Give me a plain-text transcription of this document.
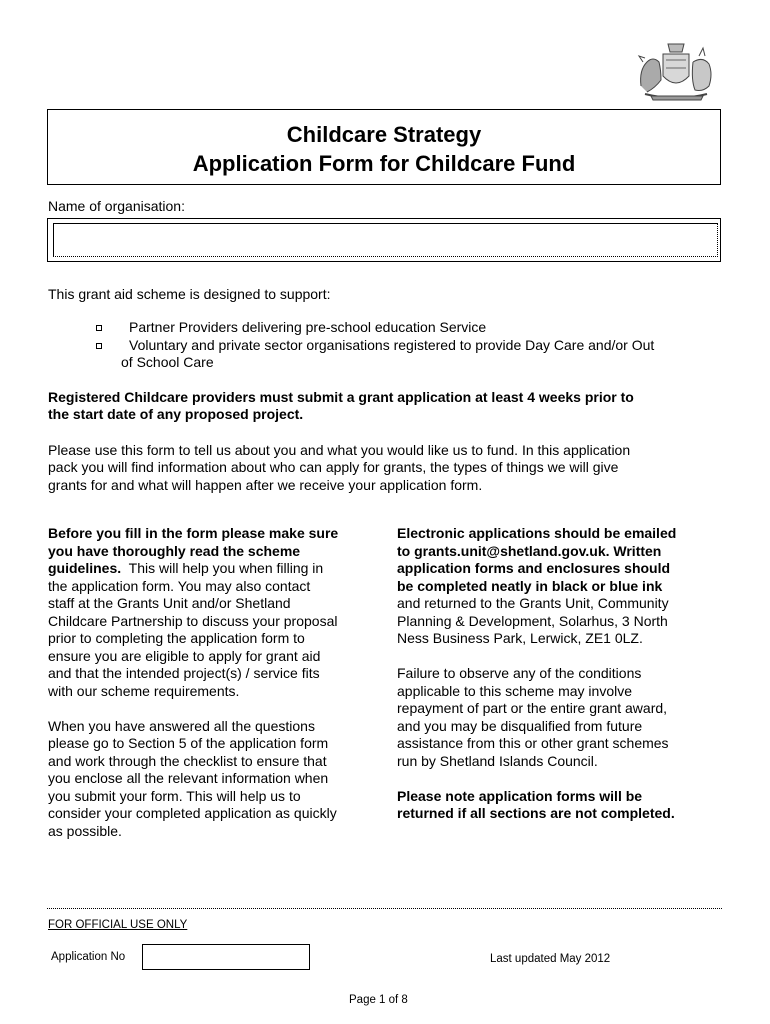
Childcare Strategy
Application Form for Childcare Fund
Name of organisation:
This grant aid scheme is designed to support:
Partner Providers delivering pre-school education Service
Voluntary and private sector organisations registered to provide Day Care and/or Out
of School Care
Registered Childcare providers must submit a grant application at least 4 weeks prior to
the start date of any proposed project.
Please use this form to tell us about you and what you would like us to fund. In this application
pack you will find information about who can apply for grants, the types of things we will give
grants for and what will happen after we receive your application form.
Before you fill in the form please make sure
you have thoroughly read the scheme
guidelines.  This will help you when filling in
the application form. You may also contact
staff at the Grants Unit and/or Shetland
Childcare Partnership to discuss your proposal
prior to completing the application form to
ensure you are eligible to apply for grant aid
and that the intended project(s) / service fits
with our scheme requirements.
When you have answered all the questions
please go to Section 5 of the application form
and work through the checklist to ensure that
you enclose all the relevant information when
you submit your form. This will help us to
consider your completed application as quickly
as possible.
Electronic applications should be emailed
to grants.unit@shetland.gov.uk. Written
application forms and enclosures should
be completed neatly in black or blue ink
and returned to the Grants Unit, Community
Planning & Development, Solarhus, 3 North
Ness Business Park, Lerwick, ZE1 0LZ.
Failure to observe any of the conditions
applicable to this scheme may involve
repayment of part or the entire grant award,
and you may be disqualified from future
assistance from this or other grant schemes
run by Shetland Islands Council.
Please note application forms will be
returned if all sections are not completed.
FOR OFFICIAL USE ONLY
Application No	Last updated May 2012
Page 1 of 8
